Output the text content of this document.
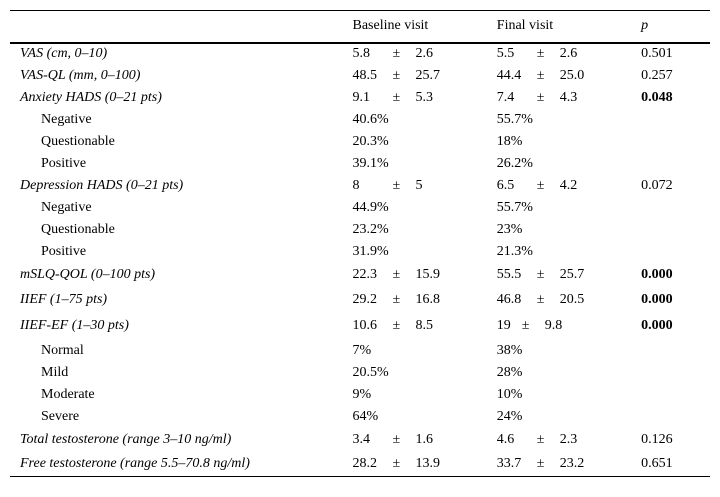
	Baseline visit	Final visit	p
VAS (cm, 0–10)	5.8 ± 2.6	5.5 ± 2.6	0.501
VAS-QL (mm, 0–100)	48.5 ± 25.7	44.4 ± 25.0	0.257
Anxiety HADS (0–21 pts)	9.1 ± 5.3	7.4 ± 4.3	0.048
Negative	40.6%	55.7%	
Questionable	20.3%	18%	
Positive	39.1%	26.2%	
Depression HADS (0–21 pts)	8 ± 5	6.5 ± 4.2	0.072
Negative	44.9%	55.7%	
Questionable	23.2%	23%	
Positive	31.9%	21.3%	
mSLQ-QOL (0–100 pts)	22.3 ± 15.9	55.5 ± 25.7	0.000
IIEF (1–75 pts)	29.2 ± 16.8	46.8 ± 20.5	0.000
IIEF-EF (1–30 pts)	10.6 ± 8.5	19 ± 9.8	0.000
Normal	7%	38%	
Mild	20.5%	28%	
Moderate	9%	10%	
Severe	64%	24%	
Total testosterone (range 3–10 ng/ml)	3.4 ± 1.6	4.6 ± 2.3	0.126
Free testosterone (range 5.5–70.8 ng/ml)	28.2 ± 13.9	33.7 ± 23.2	0.651
